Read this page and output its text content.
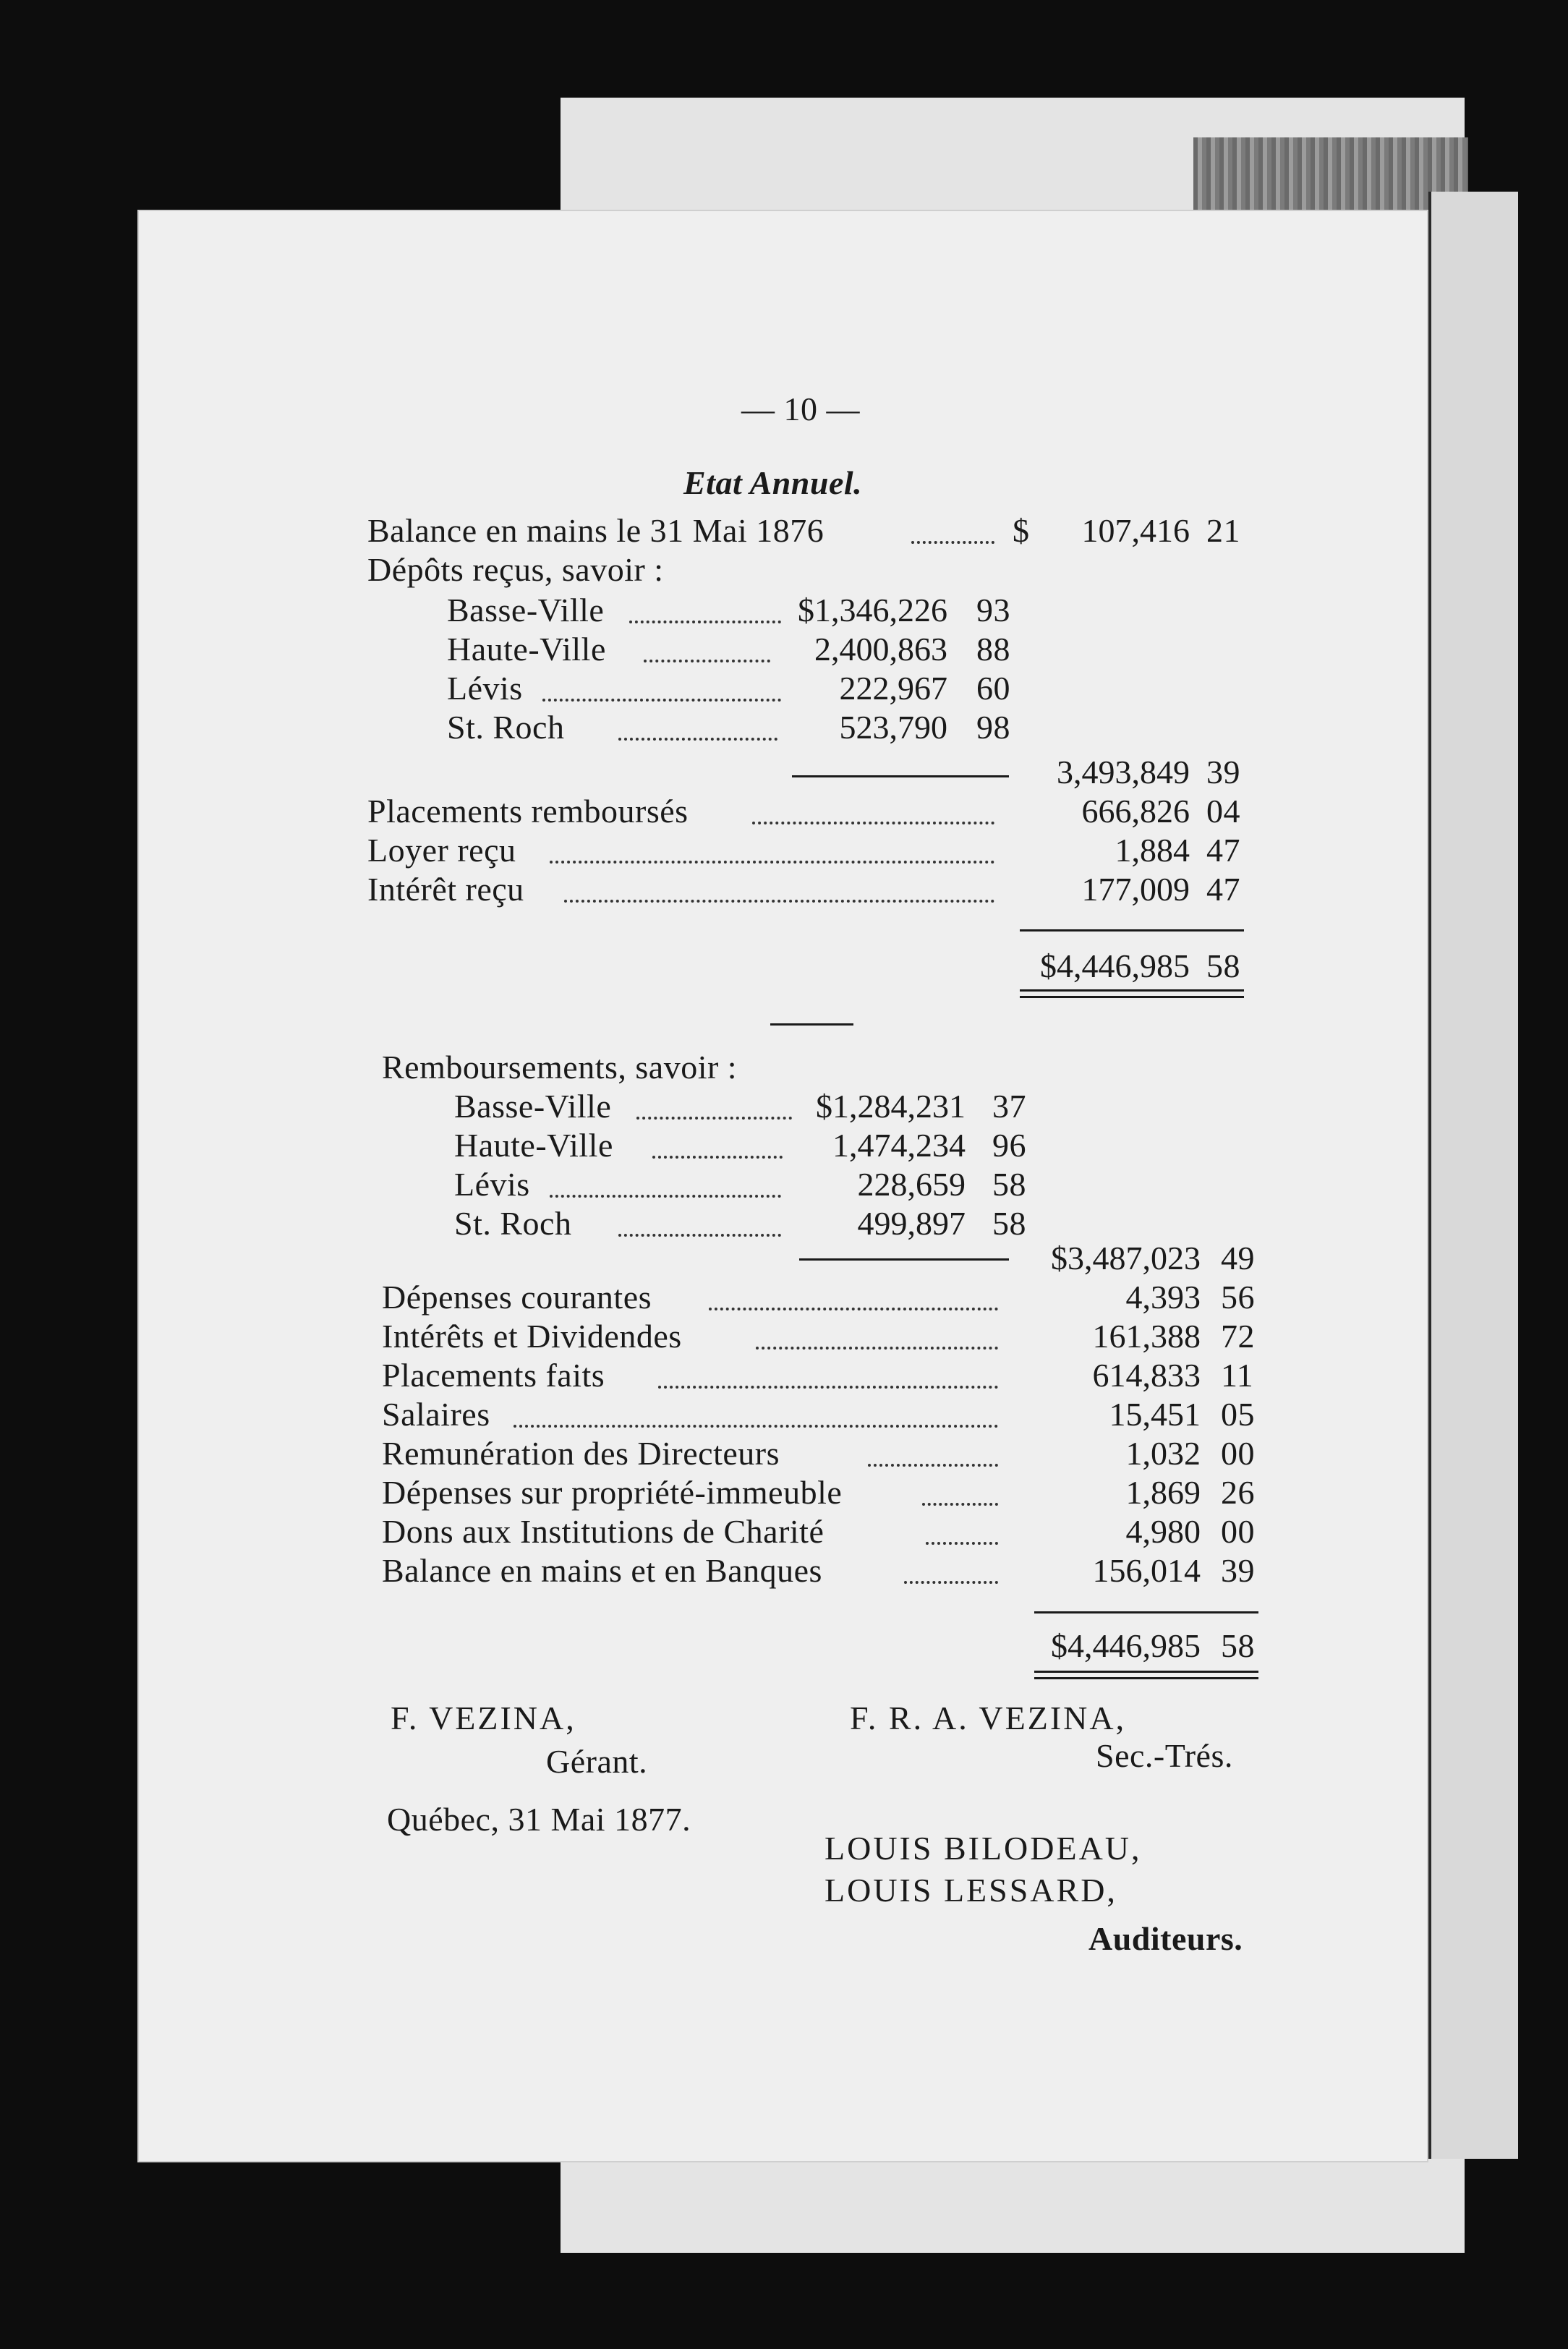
— 10 —
Etat Annuel.
Balance en mains le 31 Mai 1876	$	107,416 21
Dépôts reçus, savoir :
Basse-Ville	$1,346,226 93
Haute-Ville	2,400,863 88
Lévis	222,967 60
St. Roch	523,790 98
3,493,849 39
Placements remboursés	666,826 04
Loyer reçu	1,884 47
Intérêt reçu	177,009 47
$4,446,985 58
Remboursements, savoir :
Basse-Ville	$1,284,231 37
Haute-Ville	1,474,234 96
Lévis	228,659 58
St. Roch	499,897 58
$3,487,023 49
Dépenses courantes	4,393 56
Intérêts et Dividendes	161,388 72
Placements faits	614,833 11
Salaires	15,451 05
Remunération des Directeurs	1,032 00
Dépenses sur propriété-immeuble	1,869 26
Dons aux Institutions de Charité	4,980 00
Balance en mains et en Banques	156,014 39
$4,446,985 58
F. VEZINA,
Gérant.
Québec, 31 Mai 1877.
F. R. A. VEZINA,
Sec.-Trés.
LOUIS BILODEAU,
LOUIS LESSARD,
Auditeurs.
